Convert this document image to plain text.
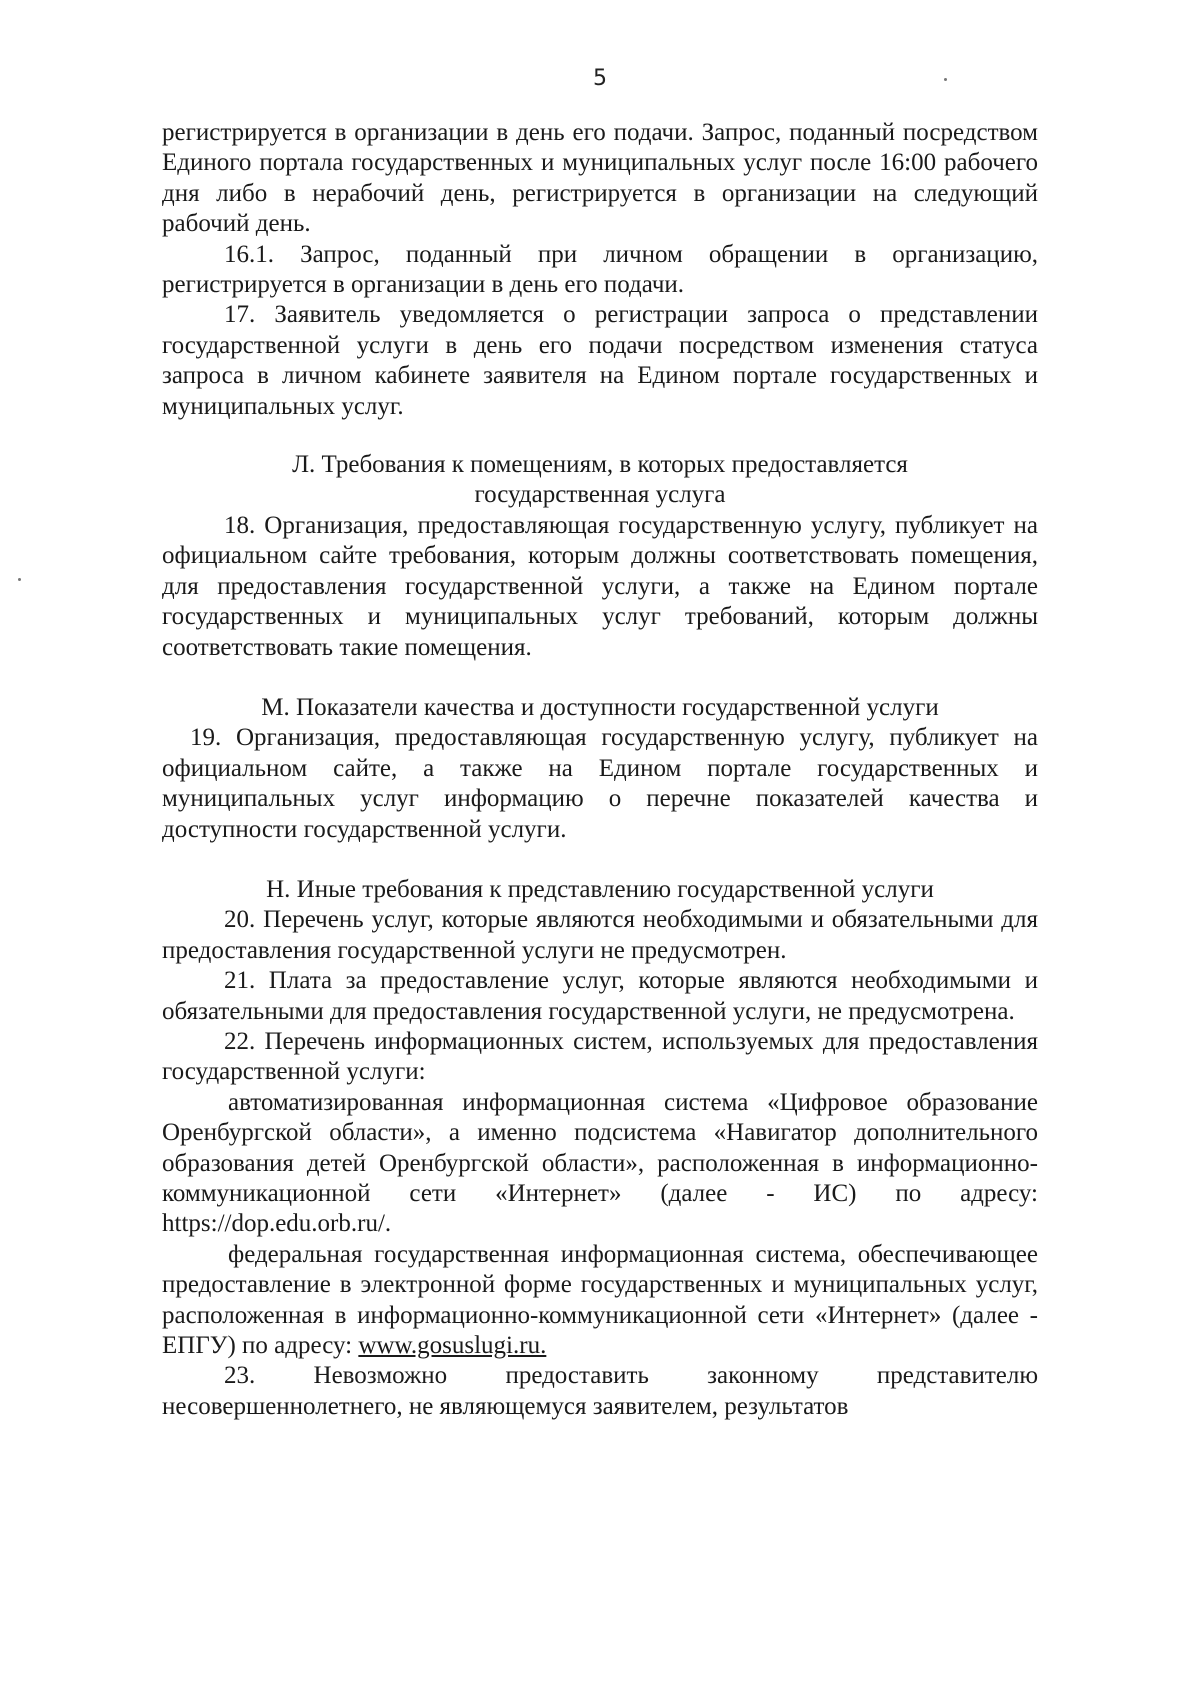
5

регистрируется в организации в день его подачи. Запрос, поданный посредством Единого портала государственных и муниципальных услуг после 16:00 рабочего дня либо в нерабочий день, регистрируется в организации на следующий рабочий день.

16.1. Запрос, поданный при личном обращении в организацию, регистрируется в организации в день его подачи.

17. Заявитель уведомляется о регистрации запроса о представлении государственной услуги в день его подачи посредством изменения статуса запроса в личном кабинете заявителя на Едином портале государственных и муниципальных услуг.

Л. Требования к помещениям, в которых предоставляется
государственная услуга

18. Организация, предоставляющая государственную услугу, публикует на официальном сайте требования, которым должны соответствовать помещения, для предоставления государственной услуги, а также на Едином портале государственных и муниципальных услуг требований, которым должны соответствовать такие помещения.

М. Показатели качества и доступности государственной услуги

19. Организация, предоставляющая государственную услугу, публикует на официальном сайте, а также на Едином портале государственных и муниципальных услуг информацию о перечне показателей качества и доступности государственной услуги.

Н. Иные требования к представлению государственной услуги

20. Перечень услуг, которые являются необходимыми и обязательными для предоставления государственной услуги не предусмотрен.

21. Плата за предоставление услуг, которые являются необходимыми и обязательными для предоставления государственной услуги, не предусмотрена.

22. Перечень информационных систем, используемых для предоставления государственной услуги:

автоматизированная информационная система «Цифровое образование Оренбургской области», а именно подсистема «Навигатор дополнительного образования детей Оренбургской области», расположенная в информационно-коммуникационной сети «Интернет» (далее - ИС) по адресу: https://dop.edu.orb.ru/.

федеральная государственная информационная система, обеспечивающее предоставление в электронной форме государственных и муниципальных услуг, расположенная в информационно-коммуникационной сети «Интернет» (далее - ЕПГУ) по адресу: www.gosuslugi.ru.

23. Невозможно предоставить законному представителю несовершеннолетнего, не являющемуся заявителем, результатов
